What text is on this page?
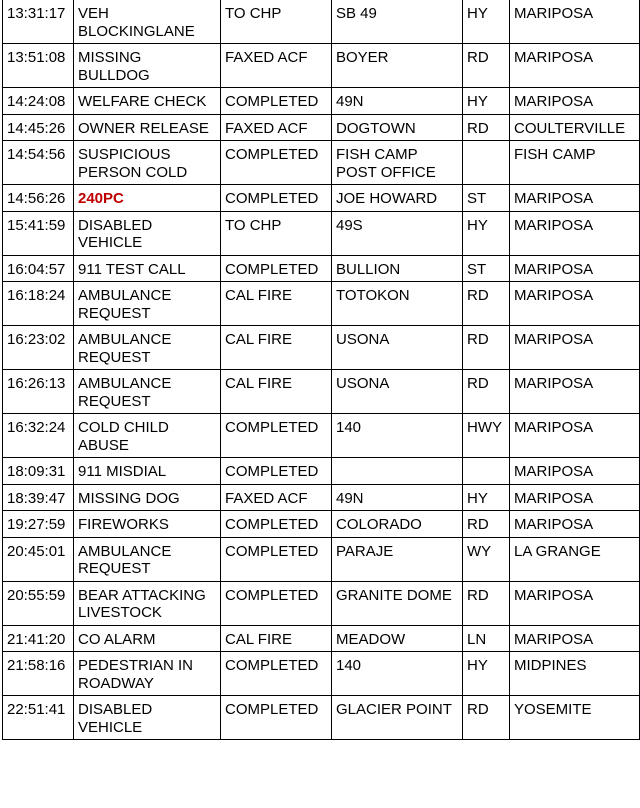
13:31:17	VEH BLOCKINGLANE	TO CHP	SB 49	HY	MARIPOSA
13:51:08	MISSING BULLDOG	FAXED ACF	BOYER	RD	MARIPOSA
14:24:08	WELFARE CHECK	COMPLETED	49N	HY	MARIPOSA
14:45:26	OWNER RELEASE	FAXED ACF	DOGTOWN	RD	COULTERVILLE
14:54:56	SUSPICIOUS PERSON COLD	COMPLETED	FISH CAMP POST OFFICE		FISH CAMP
14:56:26	240PC	COMPLETED	JOE HOWARD	ST	MARIPOSA
15:41:59	DISABLED VEHICLE	TO CHP	49S	HY	MARIPOSA
16:04:57	911 TEST CALL	COMPLETED	BULLION	ST	MARIPOSA
16:18:24	AMBULANCE REQUEST	CAL FIRE	TOTOKON	RD	MARIPOSA
16:23:02	AMBULANCE REQUEST	CAL FIRE	USONA	RD	MARIPOSA
16:26:13	AMBULANCE REQUEST	CAL FIRE	USONA	RD	MARIPOSA
16:32:24	COLD CHILD ABUSE	COMPLETED	140	HWY	MARIPOSA
18:09:31	911 MISDIAL	COMPLETED			MARIPOSA
18:39:47	MISSING DOG	FAXED ACF	49N	HY	MARIPOSA
19:27:59	FIREWORKS	COMPLETED	COLORADO	RD	MARIPOSA
20:45:01	AMBULANCE REQUEST	COMPLETED	PARAJE	WY	LA GRANGE
20:55:59	BEAR ATTACKING LIVESTOCK	COMPLETED	GRANITE DOME	RD	MARIPOSA
21:41:20	CO ALARM	CAL FIRE	MEADOW	LN	MARIPOSA
21:58:16	PEDESTRIAN IN ROADWAY	COMPLETED	140	HY	MIDPINES
22:51:41	DISABLED VEHICLE	COMPLETED	GLACIER POINT	RD	YOSEMITE
